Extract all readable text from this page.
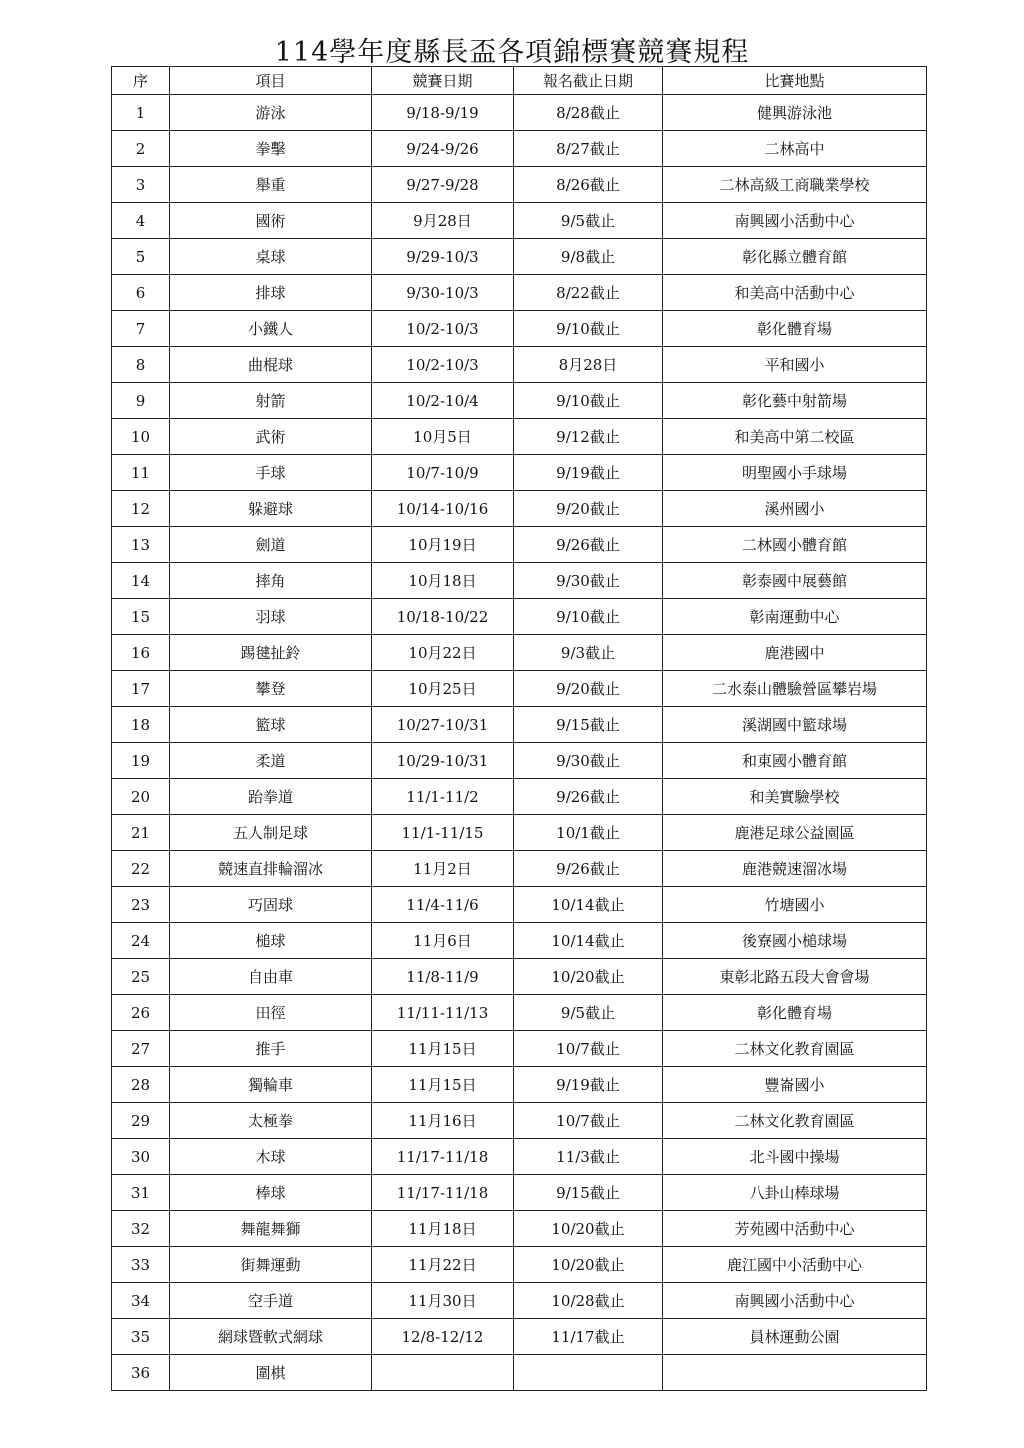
114學年度縣長盃各項錦標賽競賽規程
序	項目	競賽日期	報名截止日期	比賽地點
1	游泳	9/18-9/19	8/28截止	健興游泳池
2	拳擊	9/24-9/26	8/27截止	二林高中
3	舉重	9/27-9/28	8/26截止	二林高級工商職業學校
4	國術	9月28日	9/5截止	南興國小活動中心
5	桌球	9/29-10/3	9/8截止	彰化縣立體育館
6	排球	9/30-10/3	8/22截止	和美高中活動中心
7	小鐵人	10/2-10/3	9/10截止	彰化體育場
8	曲棍球	10/2-10/3	8月28日	平和國小
9	射箭	10/2-10/4	9/10截止	彰化藝中射箭場
10	武術	10月5日	9/12截止	和美高中第二校區
11	手球	10/7-10/9	9/19截止	明聖國小手球場
12	躲避球	10/14-10/16	9/20截止	溪州國小
13	劍道	10月19日	9/26截止	二林國小體育館
14	摔角	10月18日	9/30截止	彰泰國中展藝館
15	羽球	10/18-10/22	9/10截止	彰南運動中心
16	踢毽扯鈴	10月22日	9/3截止	鹿港國中
17	攀登	10月25日	9/20截止	二水泰山體驗營區攀岩場
18	籃球	10/27-10/31	9/15截止	溪湖國中籃球場
19	柔道	10/29-10/31	9/30截止	和東國小體育館
20	跆拳道	11/1-11/2	9/26截止	和美實驗學校
21	五人制足球	11/1-11/15	10/1截止	鹿港足球公益園區
22	競速直排輪溜冰	11月2日	9/26截止	鹿港競速溜冰場
23	巧固球	11/4-11/6	10/14截止	竹塘國小
24	槌球	11月6日	10/14截止	後寮國小槌球場
25	自由車	11/8-11/9	10/20截止	東彰北路五段大會會場
26	田徑	11/11-11/13	9/5截止	彰化體育場
27	推手	11月15日	10/7截止	二林文化教育園區
28	獨輪車	11月15日	9/19截止	豐崙國小
29	太極拳	11月16日	10/7截止	二林文化教育園區
30	木球	11/17-11/18	11/3截止	北斗國中操場
31	棒球	11/17-11/18	9/15截止	八卦山棒球場
32	舞龍舞獅	11月18日	10/20截止	芳苑國中活動中心
33	街舞運動	11月22日	10/20截止	鹿江國中小活動中心
34	空手道	11月30日	10/28截止	南興國小活動中心
35	網球暨軟式網球	12/8-12/12	11/17截止	員林運動公園
36	圍棋			
